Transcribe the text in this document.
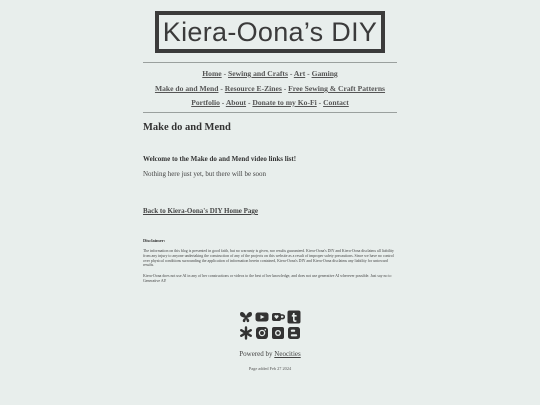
Kiera-Oona’s DIY
Home - Sewing and Crafts - Art - Gaming
Make do and Mend - Resource E-Zines - Free Sewing & Craft Patterns
Portfolio - About - Donate to my Ko-Fi - Contact
Make do and Mend
Welcome to the Make do and Mend video links list!
Nothing here just yet, but there will be soon
Back to Kiera-Oona's DIY Home Page
Disclaimer:
The information on this blog is presented in good faith, but no warranty is given, nor results guaranteed. Kiera-Oona's DIY and Kiera-Oona disclaims all liability from any injury to anyone undertaking the construction of any of the projects on this website as a result of improper safety precautions. Since we have no control over physical conditions surrounding the application of information herein contained, Kiera-Oona's DIY and Kiera-Oona disclaims any liability for untoward results.
Kiera-Oona does not use AI in any of her constructions or videos to the best of her knowledge, and does not use generative AI wherever possible. Just say no to Generative AI!
Powered by Neocities
Page added Feb 27 2024
